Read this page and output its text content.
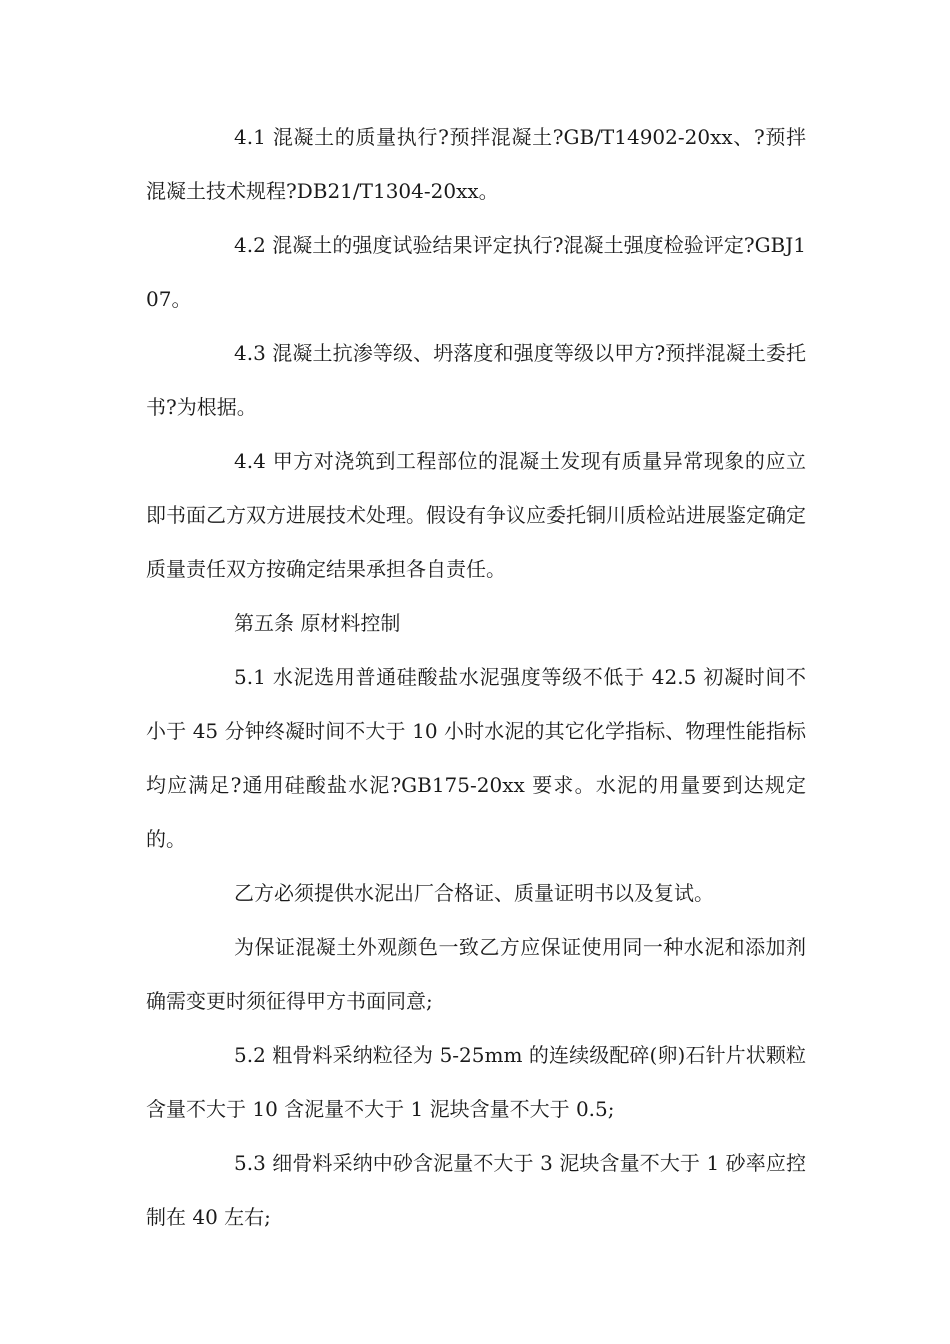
4.1 混凝土的质量执行?预拌混凝土?GB/T14902-20xx、?预拌混凝土技术规程?DB21/T1304-20xx。

4.2 混凝土的强度试验结果评定执行?混凝土强度检验评定?GBJ107。

4.3 混凝土抗渗等级、坍落度和强度等级以甲方?预拌混凝土委托书?为根据。

4.4 甲方对浇筑到工程部位的混凝土发现有质量异常现象的应立即书面乙方双方进展技术处理。假设有争议应委托铜川质检站进展鉴定确定质量责任双方按确定结果承担各自责任。

第五条 原材料控制

5.1 水泥选用普通硅酸盐水泥强度等级不低于 42.5 初凝时间不小于 45 分钟终凝时间不大于 10 小时水泥的其它化学指标、物理性能指标均应满足?通用硅酸盐水泥?GB175-20xx 要求。水泥的用量要到达规定的。

乙方必须提供水泥出厂合格证、质量证明书以及复试。

为保证混凝土外观颜色一致乙方应保证使用同一种水泥和添加剂确需变更时须征得甲方书面同意;

5.2 粗骨料采纳粒径为 5-25mm 的连续级配碎(卵)石针片状颗粒含量不大于 10 含泥量不大于 1 泥块含量不大于 0.5;

5.3 细骨料采纳中砂含泥量不大于 3 泥块含量不大于 1 砂率应控制在 40 左右;
